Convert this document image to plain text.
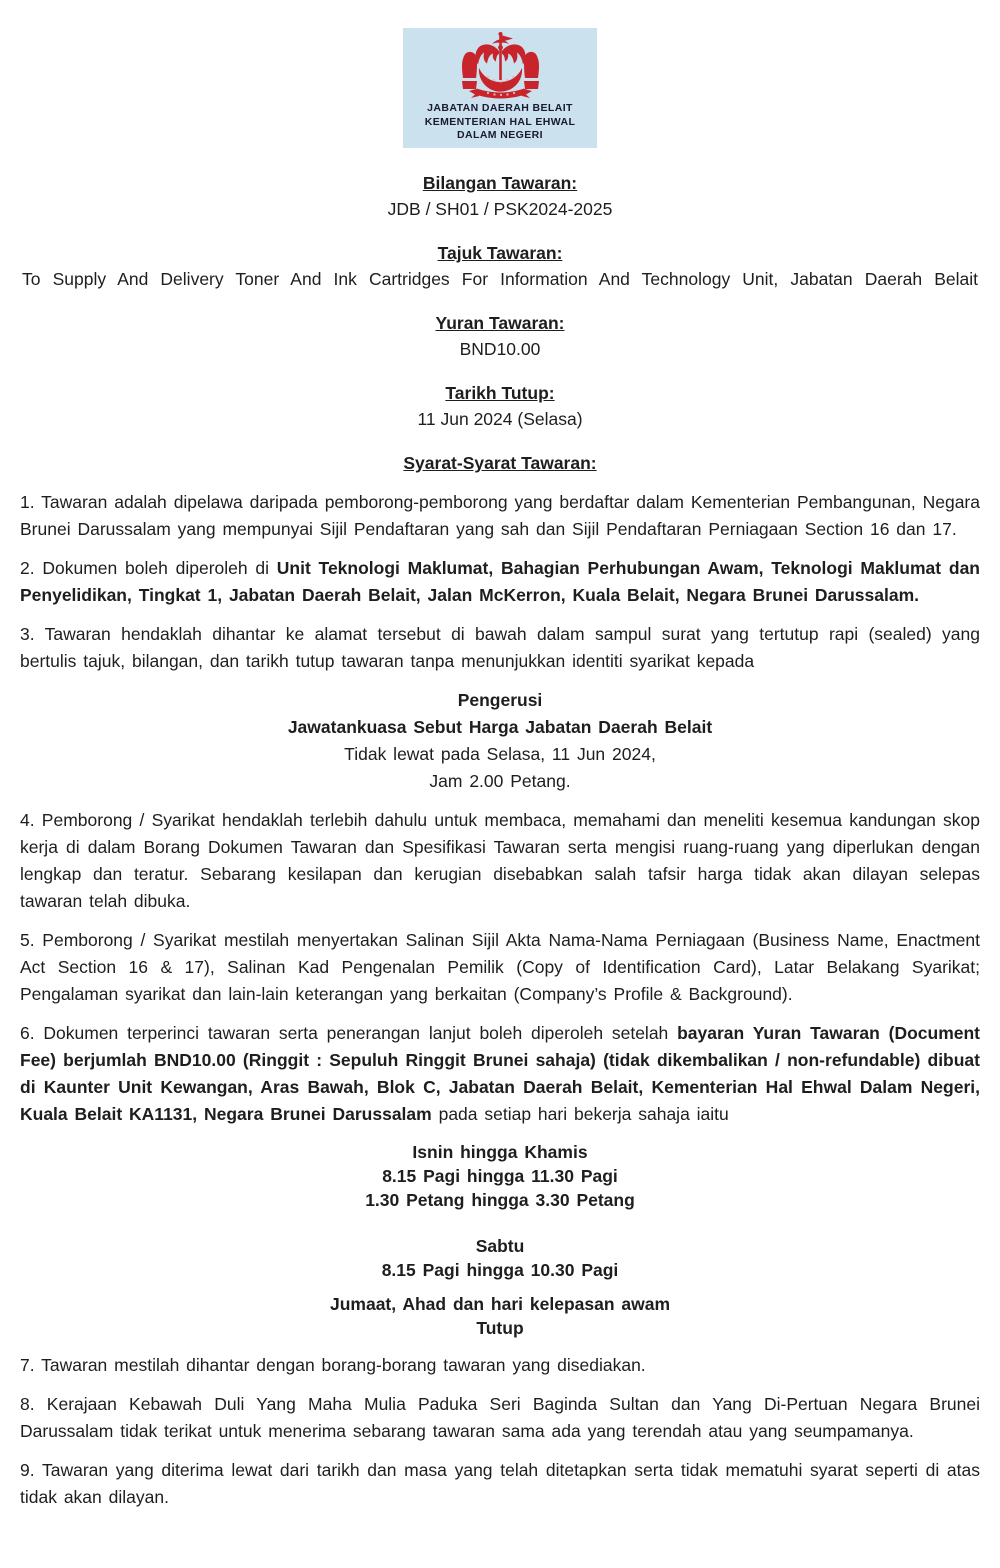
JABATAN DAERAH BELAIT
KEMENTERIAN HAL EHWAL
DALAM NEGERI
Bilangan Tawaran:
JDB / SH01 / PSK2024-2025
Tajuk Tawaran:
To Supply And Delivery Toner And Ink Cartridges For Information And Technology Unit, Jabatan Daerah Belait
Yuran Tawaran:
BND10.00
Tarikh Tutup:
11 Jun 2024 (Selasa)
Syarat-Syarat Tawaran:

1. Tawaran adalah dipelawa daripada pemborong-pemborong yang berdaftar dalam Kementerian Pembangunan, Negara Brunei Darussalam yang mempunyai Sijil Pendaftaran yang sah dan Sijil Pendaftaran Perniagaan Section 16 dan 17.

2. Dokumen boleh diperoleh di Unit Teknologi Maklumat, Bahagian Perhubungan Awam, Teknologi Maklumat dan Penyelidikan, Tingkat 1, Jabatan Daerah Belait, Jalan McKerron, Kuala Belait, Negara Brunei Darussalam.

3. Tawaran hendaklah dihantar ke alamat tersebut di bawah dalam sampul surat yang tertutup rapi (sealed) yang bertulis tajuk, bilangan, dan tarikh tutup tawaran tanpa menunjukkan identiti syarikat kepada

Pengerusi
Jawatankuasa Sebut Harga Jabatan Daerah Belait
Tidak lewat pada Selasa, 11 Jun 2024,
Jam 2.00 Petang.

4. Pemborong / Syarikat hendaklah terlebih dahulu untuk membaca, memahami dan meneliti kesemua kandungan skop kerja di dalam Borang Dokumen Tawaran dan Spesifikasi Tawaran serta mengisi ruang-ruang yang diperlukan dengan lengkap dan teratur. Sebarang kesilapan dan kerugian disebabkan salah tafsir harga tidak akan dilayan selepas tawaran telah dibuka.

5. Pemborong / Syarikat mestilah menyertakan Salinan Sijil Akta Nama-Nama Perniagaan (Business Name, Enactment Act Section 16 & 17), Salinan Kad Pengenalan Pemilik (Copy of Identification Card), Latar Belakang Syarikat; Pengalaman syarikat dan lain-lain keterangan yang berkaitan (Company’s Profile & Background).

6. Dokumen terperinci tawaran serta penerangan lanjut boleh diperoleh setelah bayaran Yuran Tawaran (Document Fee) berjumlah BND10.00 (Ringgit : Sepuluh Ringgit Brunei sahaja) (tidak dikembalikan / non-refundable) dibuat di Kaunter Unit Kewangan, Aras Bawah, Blok C, Jabatan Daerah Belait, Kementerian Hal Ehwal Dalam Negeri, Kuala Belait KA1131, Negara Brunei Darussalam pada setiap hari bekerja sahaja iaitu

Isnin hingga Khamis
8.15 Pagi hingga 11.30 Pagi
1.30 Petang hingga 3.30 Petang
Sabtu
8.15 Pagi hingga 10.30 Pagi
Jumaat, Ahad dan hari kelepasan awam
Tutup

7. Tawaran mestilah dihantar dengan borang-borang tawaran yang disediakan.

8. Kerajaan Kebawah Duli Yang Maha Mulia Paduka Seri Baginda Sultan dan Yang Di-Pertuan Negara Brunei Darussalam tidak terikat untuk menerima sebarang tawaran sama ada yang terendah atau yang seumpamanya.

9. Tawaran yang diterima lewat dari tarikh dan masa yang telah ditetapkan serta tidak mematuhi syarat seperti di atas tidak akan dilayan.
